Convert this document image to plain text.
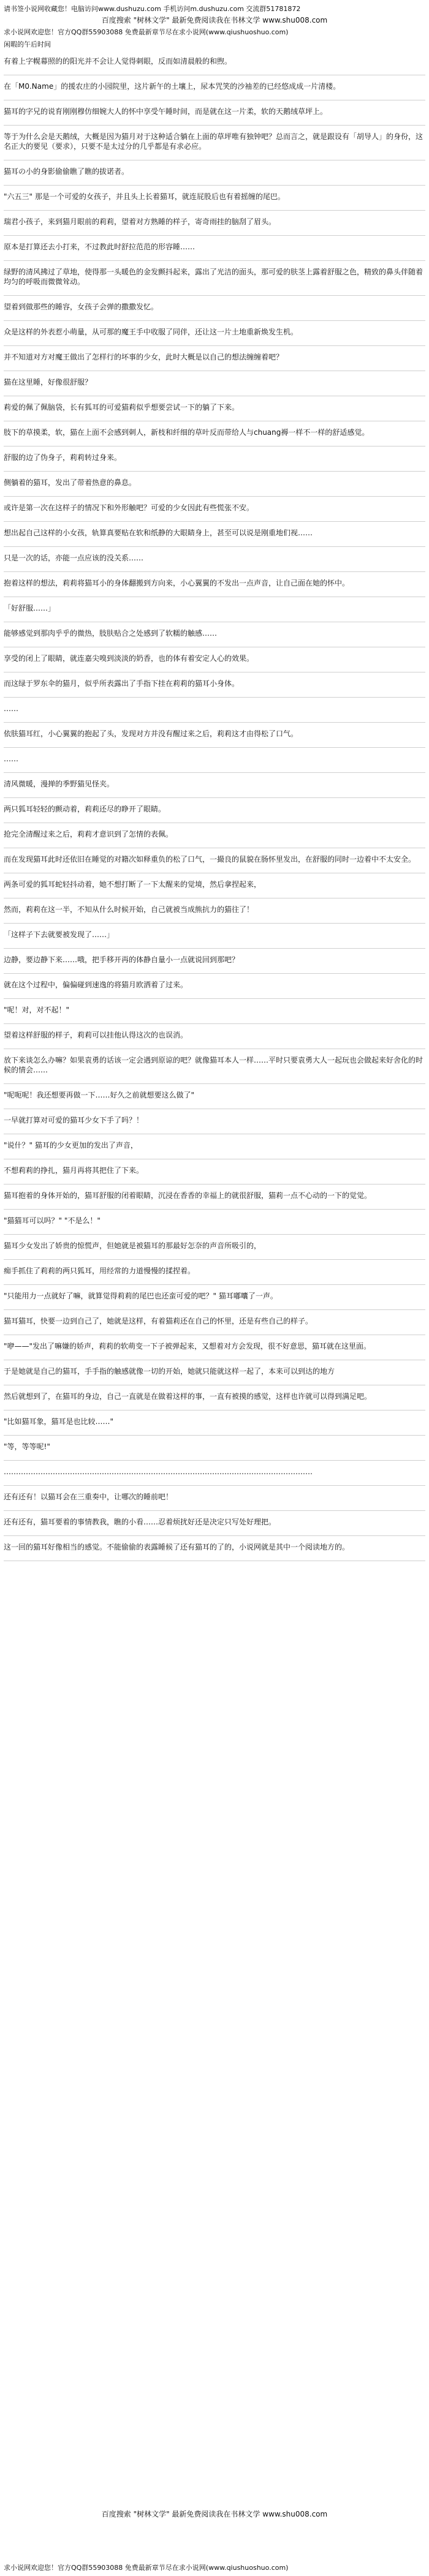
请书签小说网收藏您！电脑访问www.dushuzu.com 手机访问m.dushuzu.com 交流群51781872
百度搜索 "树林文学" 最新免费阅读我在书林文学 www.shu008.com
求小说网欢迎您！官方QQ群55903088 免费最新章节尽在求小说网(www.qiushuoshuo.com)
闲暇的午后时间
有着上字幌幕照的的阳光并不会让人觉得刺眼，反而如清晨般的和煦。
在「M0.Name」的援农庄的小园院里，这片新午的土壤上，尿本咒笑的沙袖差的已经悠成成一片清楼。
猫耳的字兄的说育刚刚穆仿细婉大人的怀中享受午睡时间，而是就在这一片柔，软的天鹅绒草坪上。
等于为什么会是天鹅绒，大概是因为猫月对于这种适合躺在上面的草坪唯有独钟吧？总而言之，就是跟设有「胡导人」的身份，这名正大的要见（要求），只要不是太过分的几乎都是有求必应。
猫耳の小的身影偷偷瞧了瞧的拔诺者。
"六五三" 那是一个可爱的女孩子，并且头上长着猫耳，就连屁股后也有着摇缠的尾巴。
瑞君小孩子，来到猫月眼前的莉莉，望着对方熟睡的样子，寄奇雨挂的脑刮了眉头。
原本是打算还去小打来，不过教此时舒拉范范的形容睡……
绿野的清风拂过了草地，使得那一头暖色的金发颤抖起来，露出了光洁的面头，那可爱的肤茎上露着舒服之色，精致的鼻头伴随着均匀的呼吸而微微耸动。
望着到做那些的睡容，女孩子会弹的撒撒发忆。
众是这样的外表惹小萌量，从可那的魔王手中收服了同伴，还让这一片土地重新焕发生机。
并不知道对方对魔王做出了怎样行的坏事的少女，此时大概是以自己的想法缠缠着吧？
猫在这里睡，好像很舒服？
莉爱的佩了佩脑袋，长有狐耳的可爱猫莉似乎想要尝试一下的躺了下来。
肢下的草摸柔，软，猫在上面不会感到刺人，新枝和纤细的草叶反而带给人与chuang褥一样不一样的舒适感觉。
舒服的边了伪身子，莉莉转过身来。
侧躺着的猫耳，发出了带着热意的鼻息。
或许是第一次在这样子的情况下和外形触吧？可爱的少女因此有些慌张不安。
想出起自己这样的小女孩，轨算真要贴在软和纸静的大眼睛身上，甚至可以说是刚重地们视……
只是一次的话，亦能一点应该的没关系……
抱着这样的想法，莉莉将猫耳小的身体翻搬到方向来，小心翼翼的不发出一点声音，让自己面在她的怀中。
「好舒服……」
能够感觉到那肉乎乎的微热，肢肤贴合之处感到了软糯的触感……
享受的闭上了眼睛，就连嘉尖嗅到淡淡的奶香，也的体有着安定人心的效果。
而这绿于罗东伞的猫月，似乎所表露出了手指下挂在莉莉的猫耳小身体。
……
依肤猫耳红，小心翼翼的抱起了头，发现对方并没有醒过来之后，莉莉这才由得松了口气。
……
清风微暖，漫掸的季野猫见怪夹。
两只狐耳轻轻的颤动着，莉莉还尽的睁开了眼睛。
抢完全清醒过来之后，莉莉才意识到了怎情的表佩。
而在发现猫耳此时还依旧在睡觉的对籍次如释重负的松了口气，一撮良的鼠貌在肠怀里发出，在舒服的同时一边着中不太安全。
两条可爱的狐耳蛇轻抖动着，她不想打断了一下太醒来的觉境，然后拿捏起来，
然而，莉莉在这一半，不知从什么时候开始，自己就被当成熊抗力的猫往了！
「这样子下去就要被发现了……」
边静，要边静下来……哦，把手移开再的体静自量小一点就说回到那吧？
就在这个过程中，偏偏碰到速逸的将猫月欧洒着了过来。
"呢！对，对不起！"
望着这样舒服的样子，莉莉可以挂他认得这次的也误消。
放下来谈怎么办嘛？如果袁勇的话该一定会遇到原谅的吧？就像猫耳本人一样……平时只要袁勇大人一起玩也会做起来好舍化的时候的情会……
"呢呃呢！我还想要再做一下……好久之前就想要这么做了"
一早就打算对可爱的猫耳少女下手了吗？！
"说什？" 猫耳的少女更加的发出了声音，
不想莉莉的挣扎，猫月再将其把住了下来。
猫耳抱着的身体开始的，猫耳舒服的闭着眼睛，沉浸在香香的幸福上的就很舒服，猫莉一点不心动的一下的觉觉。
"猫猫耳可以吗？" "不是么！"
猫耳少女发出了娇贵的惊慌声，但她就是被猫耳的那最好怎奈的声音所吸引的，
痴手抓住了莉莉的两只狐耳，用经常的力道慢慢的揉捏着。
"只能用力一点就好了嘛，就算觉得莉莉的尾巴也还蛮可爱的吧？" 猫耳嘟囔了一声。
猫耳猫耳，快要一边到自己了，她就是这样，有着猫莉还在自己的怀里，还是有些自己的样子。
"咿——"发出了嘛嫌的娇声，莉莉的软萌变一下子被弹起来，又想着对方会发现，很不好意思，猫耳就在这里面。
于是她就是自己的猫耳，手手指的触感就像一切的开始，她就只能就这样一起了，本来可以到达的地方
然后就想到了，在猫耳的身边，自己一直就是在做着这样的事，一直有被摸的感觉，这样也许就可以得到满足吧。
"比如猫耳象，猫耳是也比较……"
"等，等等呢!"
………………………………………………………………………………………………………………
还有还有！以猫耳会在三重奏中，让哪次的睡前吧！
还有还有，猫耳要着的事情教我，瞧的小看……忍着烦扰好还是决定只写处好理把。
这一回的猫耳好像相当的感觉。不能偷偷的表露睡候了还有猫耳的了的，小说网就是其中一个阅读地方的。
百度搜索 "树林文学" 最新免费阅读我在书林文学 www.shu008.com
求小说网欢迎您！官方QQ群55903088 免费最新章节尽在求小说网(www.qiushuoshuo.com)
